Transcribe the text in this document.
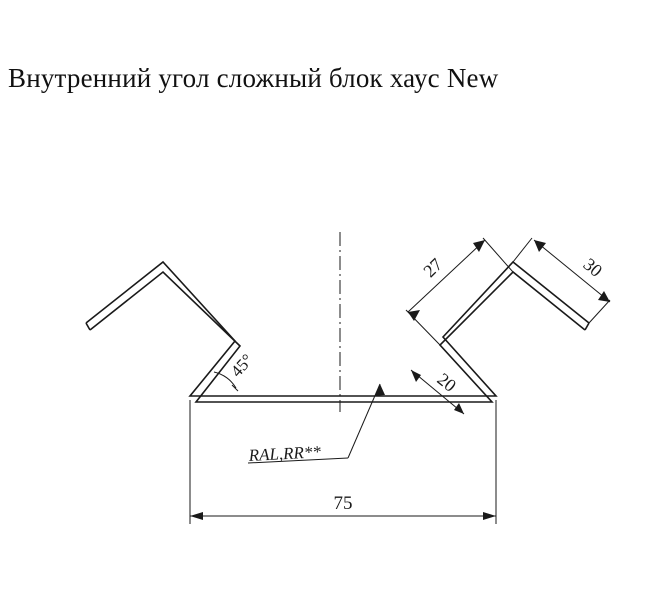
Внутренний угол сложный блок хаус New
45°
27	30
20
RAL,RR**
75
